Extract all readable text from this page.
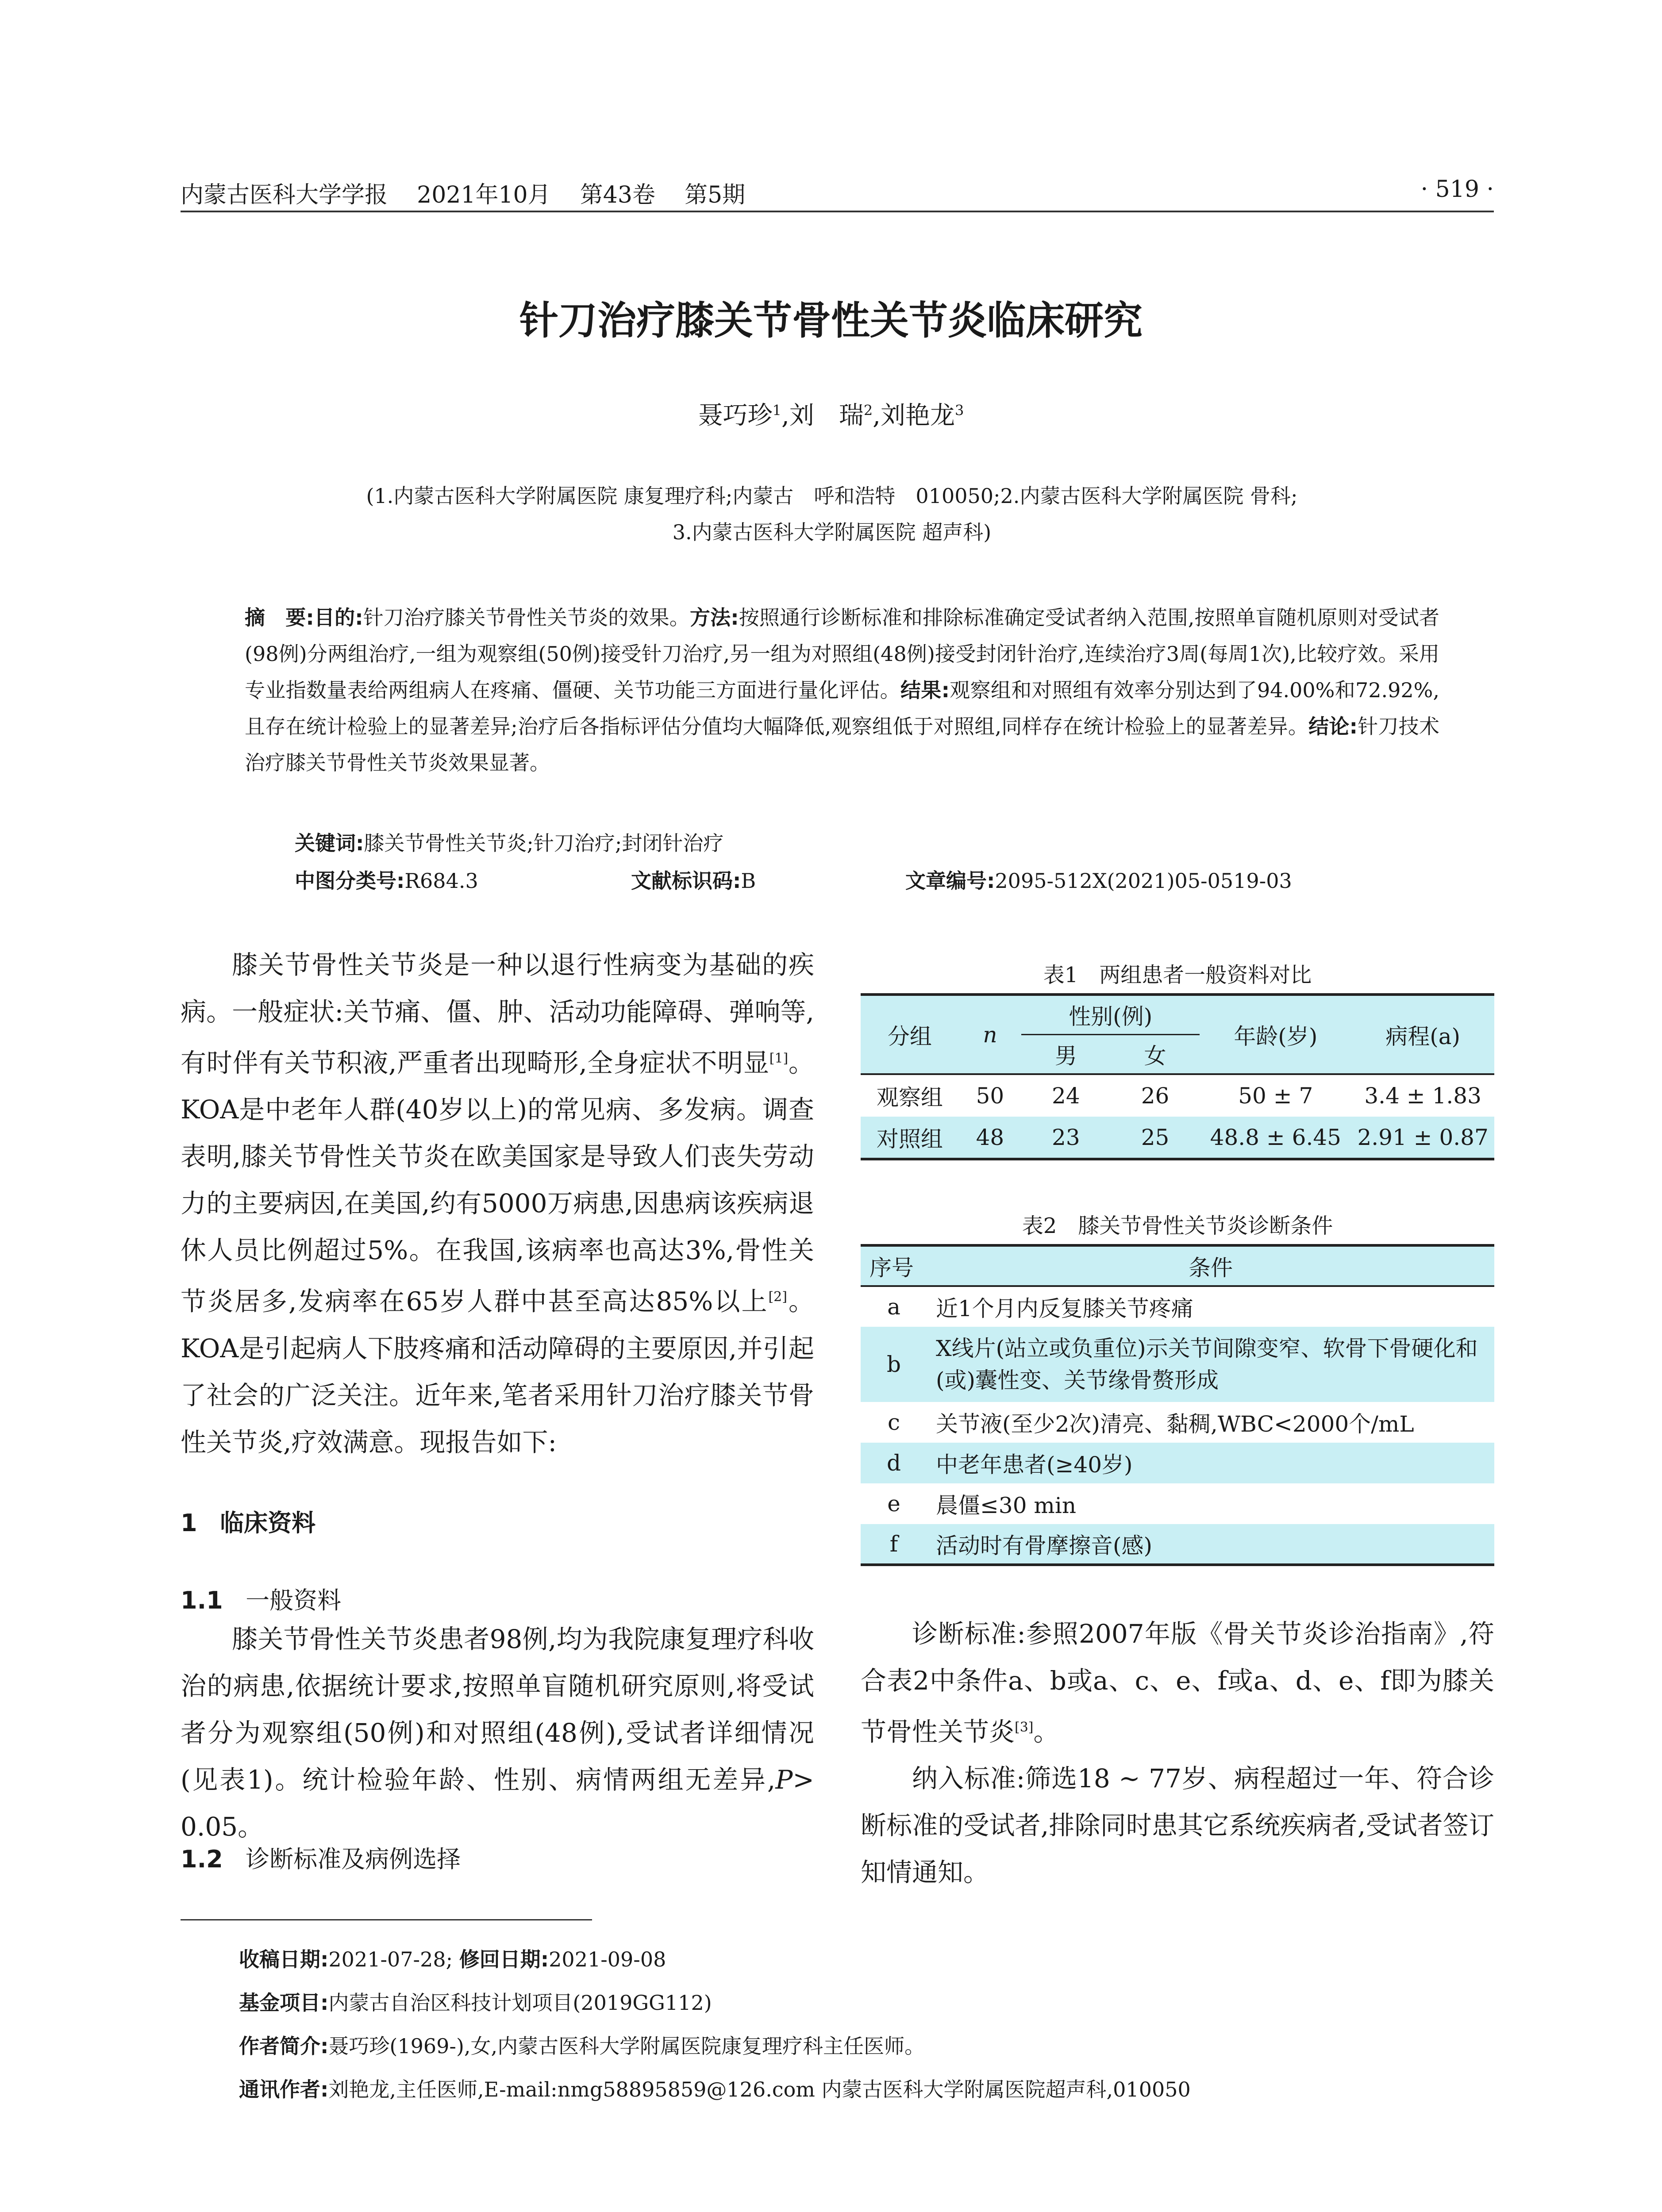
内蒙古医科大学学报 2021年10月 第43卷 第5期	· 519 ·
针刀治疗膝关节骨性关节炎临床研究
聂巧珍$^1$,刘　瑞$^2$,刘艳龙$^3$
(1.内蒙古医科大学附属医院 康复理疗科;内蒙古　呼和浩特　010050;2.内蒙古医科大学附属医院 骨科;
3.内蒙古医科大学附属医院 超声科)
摘　要:目的:针刀治疗膝关节骨性关节炎的效果。方法:按照通行诊断标准和排除标准确定受试者纳入范围,按照单盲随机原则对受试者(98例)分两组治疗,一组为观察组(50例)接受针刀治疗,另一组为对照组(48例)接受封闭针治疗,连续治疗3周(每周1次),比较疗效。采用专业指数量表给两组病人在疼痛、僵硬、关节功能三方面进行量化评估。结果:观察组和对照组有效率分别达到了94.00%和72.92%,且存在统计检验上的显著差异;治疗后各指标评估分值均大幅降低,观察组低于对照组,同样存在统计检验上的显著差异。结论:针刀技术治疗膝关节骨性关节炎效果显著。
关键词:膝关节骨性关节炎;针刀治疗;封闭针治疗
中图分类号:R684.3	文献标识码:B	文章编号:2095-512X(2021)05-0519-03

膝关节骨性关节炎是一种以退行性病变为基础的疾病。一般症状:关节痛、僵、肿、活动功能障碍、弹响等,有时伴有关节积液,严重者出现畸形,全身症状不明显[1]。KOA是中老年人群(40岁以上)的常见病、多发病。调查表明,膝关节骨性关节炎在欧美国家是导致人们丧失劳动力的主要病因,在美国,约有5000万病患,因患病该疾病退休人员比例超过5%。在我国,该病率也高达3%,骨性关节炎居多,发病率在65岁人群中甚至高达85%以上[2]。KOA是引起病人下肢疼痛和活动障碍的主要原因,并引起了社会的广泛关注。近年来,笔者采用针刀治疗膝关节骨性关节炎,疗效满意。现报告如下:

1 临床资料
1.1 一般资料

膝关节骨性关节炎患者98例,均为我院康复理疗科收治的病患,依据统计要求,按照单盲随机研究原则,将受试者分为观察组(50例)和对照组(48例),受试者详细情况(见表1)。统计检验年龄、性别、病情两组无差异,P> 0.05。

1.2 诊断标准及病例选择
表1　两组患者一般资料对比
分组	n	性别(例)		年龄(岁)	病程(a)
		男	女		
观察组	50	24	26	50 ± 7	3.4 ± 1.83
对照组	48	23	25	48.8 ± 6.45	2.91 ± 0.87
表2　膝关节骨性关节炎诊断条件
序号	条件
a	近1个月内反复膝关节疼痛
b	X线片(站立或负重位)示关节间隙变窄、软骨下骨硬化和(或)囊性变、关节缘骨赘形成
c	关节液(至少2次)清亮、黏稠,WBC<2000个/mL
d	中老年患者(≥40岁)
e	晨僵≤30 min
f	活动时有骨摩擦音(感)

诊断标准:参照2007年版《骨关节炎诊治指南》,符合表2中条件a、b或a、c、e、f或a、d、e、f即为膝关节骨性关节炎[3]。

纳入标准:筛选18 ~ 77岁、病程超过一年、符合诊断标准的受试者,排除同时患其它系统疾病者,受试者签订知情通知。

收稿日期:2021-07-28; 修回日期:2021-09-08
基金项目:内蒙古自治区科技计划项目(2019GG112)
作者简介:聂巧珍(1969-),女,内蒙古医科大学附属医院康复理疗科主任医师。
通讯作者:刘艳龙,主任医师,E-mail:nmg58895859@126.com 内蒙古医科大学附属医院超声科,010050
